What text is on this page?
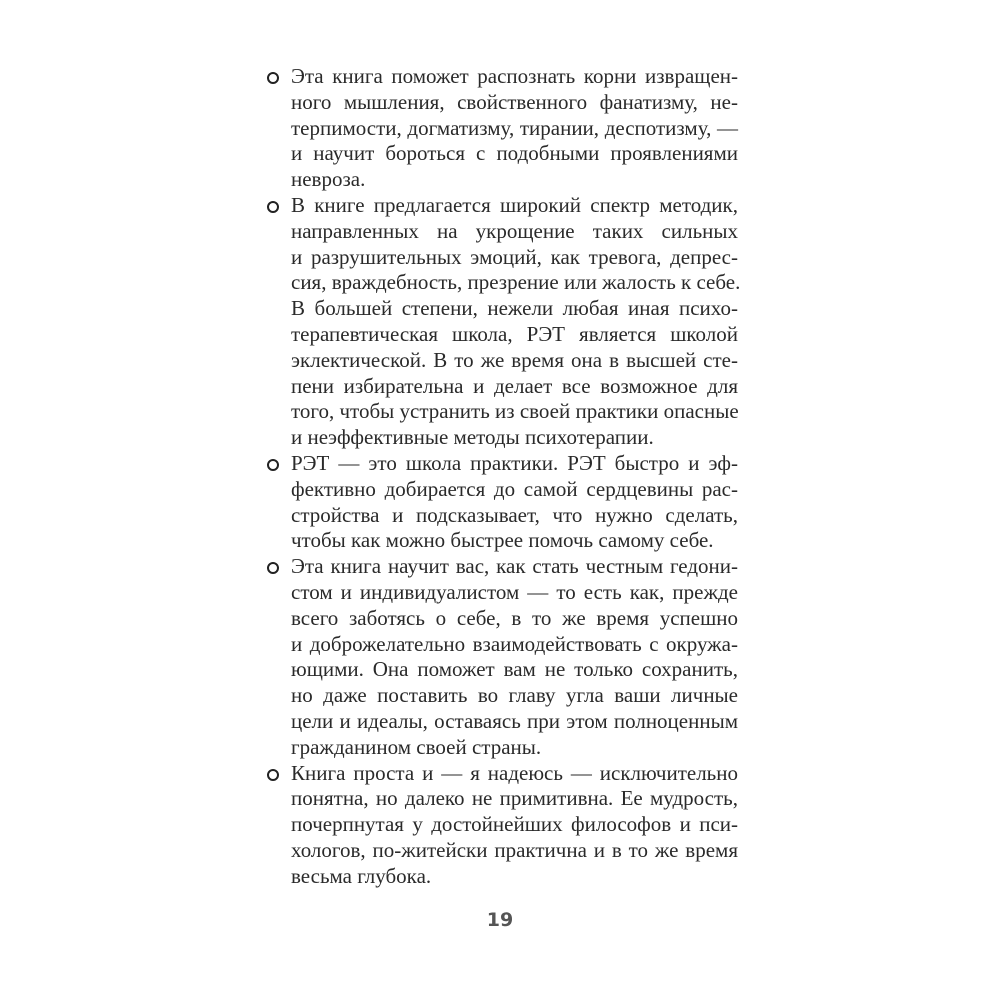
Эта книга поможет распознать корни извращен-
ного мышления, свойственного фанатизму, не-
терпимости, догматизму, тирании, деспотизму, —
и научит бороться с подобными проявлениями
невроза.
В книге предлагается широкий спектр методик,
направленных на укрощение таких сильных
и разрушительных эмоций, как тревога, депрес-
сия, враждебность, презрение или жалость к себе.
В большей степени, нежели любая иная психо-
терапевтическая школа, РЭТ является школой
эклектической. В то же время она в высшей сте-
пени избирательна и делает все возможное для
того, чтобы устранить из своей практики опасные
и неэффективные методы психотерапии.
РЭТ — это школа практики. РЭТ быстро и эф-
фективно добирается до самой сердцевины рас-
стройства и подсказывает, что нужно сделать,
чтобы как можно быстрее помочь самому себе.
Эта книга научит вас, как стать честным гедони-
стом и индивидуалистом — то есть как, прежде
всего заботясь о себе, в то же время успешно
и доброжелательно взаимодействовать с окружа-
ющими. Она поможет вам не только сохранить,
но даже поставить во главу угла ваши личные
цели и идеалы, оставаясь при этом полноценным
гражданином своей страны.
Книга проста и — я надеюсь — исключительно
понятна, но далеко не примитивна. Ее мудрость,
почерпнутая у достойнейших философов и пси-
хологов, по-житейски практична и в то же время
весьма глубока.
19
